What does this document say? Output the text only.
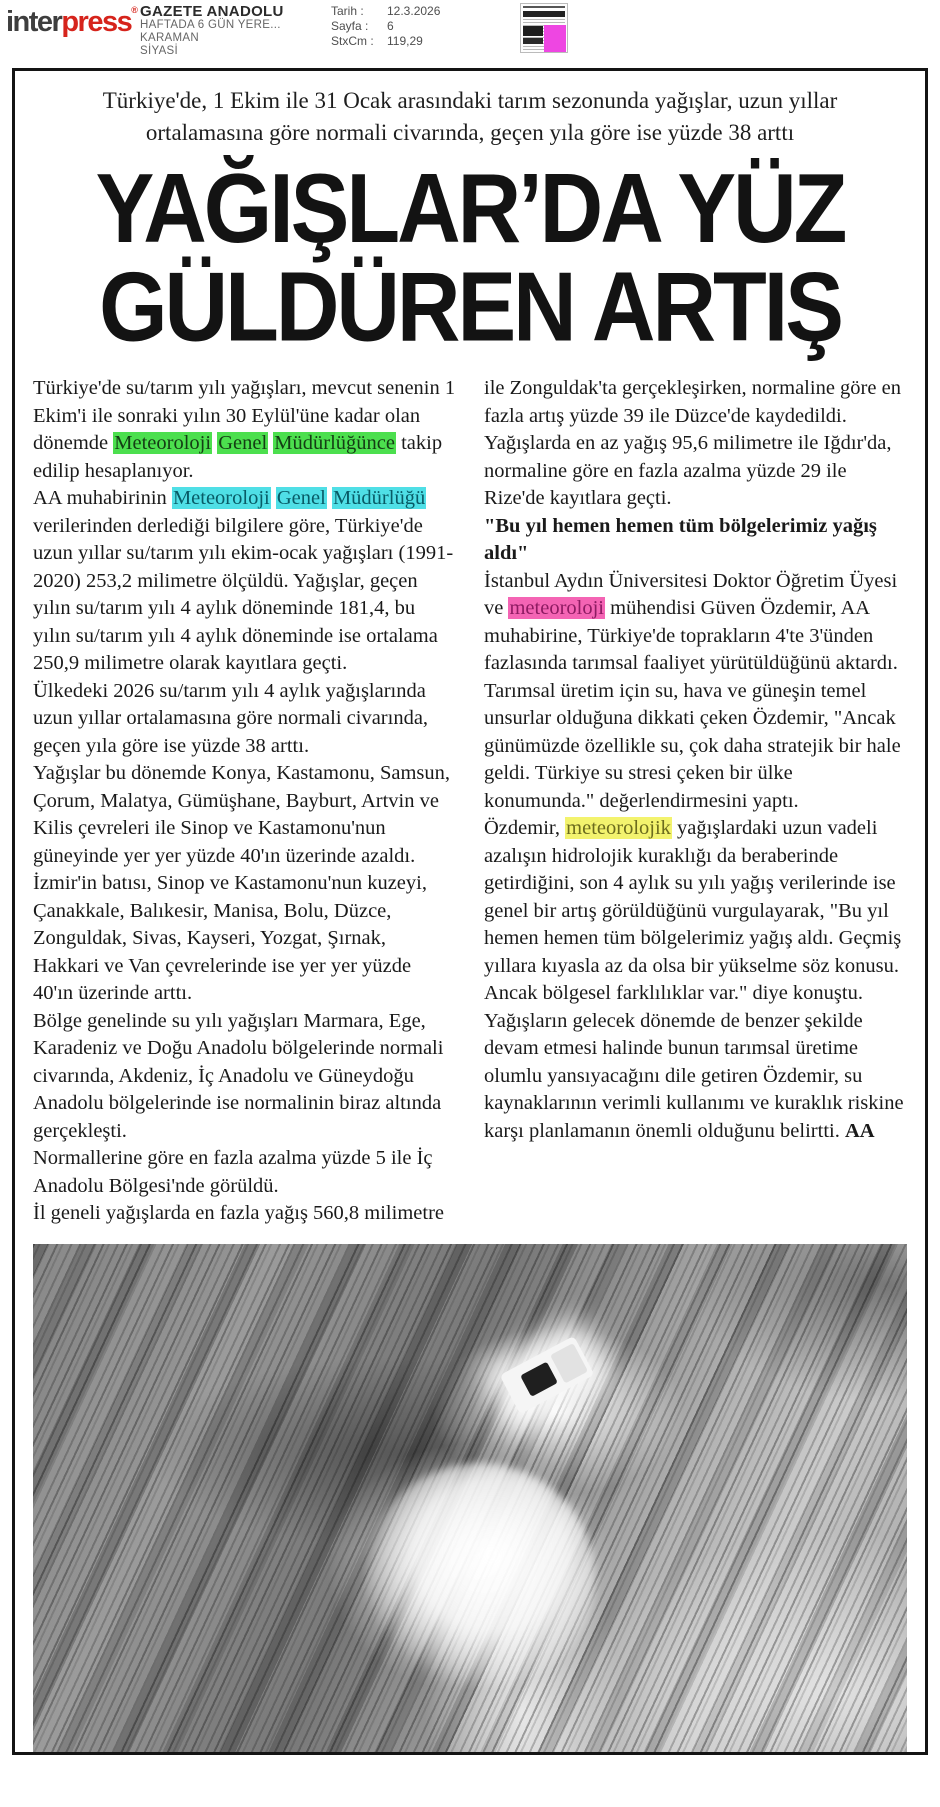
interpress® GAZETE ANADOLU
HAFTADA 6 GÜN YERE...
KARAMAN
SİYASİ
Tarih :	12.3.2026
Sayfa :	6
StxCm :	119,29

Türkiye'de, 1 Ekim ile 31 Ocak arasındaki tarım sezonunda yağışlar, uzun yıllar ortalamasına göre normali civarında, geçen yıla göre ise yüzde 38 arttı

YAĞIŞLAR’DA YÜZ
GÜLDÜREN ARTIŞ

Türkiye'de su/tarım yılı yağışları, mevcut senenin 1 Ekim'i ile sonraki yılın 30 Eylül'üne kadar olan dönemde Meteoroloji Genel Müdürlüğünce takip edilip hesaplanıyor.

AA muhabirinin Meteoroloji Genel Müdürlüğü verilerinden derlediği bilgilere göre, Türkiye'de uzun yıllar su/tarım yılı ekim-ocak yağışları (1991-2020) 253,2 milimetre ölçüldü. Yağışlar, geçen yılın su/tarım yılı 4 aylık döneminde 181,4, bu yılın su/tarım yılı 4 aylık döneminde ise ortalama 250,9 milimetre olarak kayıtlara geçti.

Ülkedeki 2026 su/tarım yılı 4 aylık yağışlarında uzun yıllar ortalamasına göre normali civarında, geçen yıla göre ise yüzde 38 arttı.

Yağışlar bu dönemde Konya, Kastamonu, Samsun, Çorum, Malatya, Gümüşhane, Bayburt, Artvin ve Kilis çevreleri ile Sinop ve Kastamonu'nun güneyinde yer yer yüzde 40'ın üzerinde azaldı. İzmir'in batısı, Sinop ve Kastamonu'nun kuzeyi, Çanakkale, Balıkesir, Manisa, Bolu, Düzce, Zonguldak, Sivas, Kayseri, Yozgat, Şırnak, Hakkari ve Van çevrelerinde ise yer yer yüzde 40'ın üzerinde arttı.

Bölge genelinde su yılı yağışları Marmara, Ege, Karadeniz ve Doğu Anadolu bölgelerinde normali civarında, Akdeniz, İç Anadolu ve Güneydoğu Anadolu bölgelerinde ise normalinin biraz altında gerçekleşti.

Normallerine göre en fazla azalma yüzde 5 ile İç Anadolu Bölgesi'nde görüldü.

İl geneli yağışlarda en fazla yağış 560,8 milimetre

ile Zonguldak'ta gerçekleşirken, normaline göre en fazla artış yüzde 39 ile Düzce'de kaydedildi.

Yağışlarda en az yağış 95,6 milimetre ile Iğdır'da, normaline göre en fazla azalma yüzde 29 ile Rize'de kayıtlara geçti.

"Bu yıl hemen hemen tüm bölgelerimiz yağış aldı"

İstanbul Aydın Üniversitesi Doktor Öğretim Üyesi ve meteoroloji mühendisi Güven Özdemir, AA muhabirine, Türkiye'de toprakların 4'te 3'ünden fazlasında tarımsal faaliyet yürütüldüğünü aktardı.

Tarımsal üretim için su, hava ve güneşin temel unsurlar olduğuna dikkati çeken Özdemir, "Ancak günümüzde özellikle su, çok daha stratejik bir hale geldi. Türkiye su stresi çeken bir ülke konumunda." değerlendirmesini yaptı.

Özdemir, meteorolojik yağışlardaki uzun vadeli azalışın hidrolojik kuraklığı da beraberinde getirdiğini, son 4 aylık su yılı yağış verilerinde ise genel bir artış görüldüğünü vurgulayarak, "Bu yıl hemen hemen tüm bölgelerimiz yağış aldı. Geçmiş yıllara kıyasla az da olsa bir yükselme söz konusu. Ancak bölgesel farklılıklar var." diye konuştu.

Yağışların gelecek dönemde de benzer şekilde devam etmesi halinde bunun tarımsal üretime olumlu yansıyacağını dile getiren Özdemir, su kaynaklarının verimli kullanımı ve kuraklık riskine karşı planlamanın önemli olduğunu belirtti. AA
